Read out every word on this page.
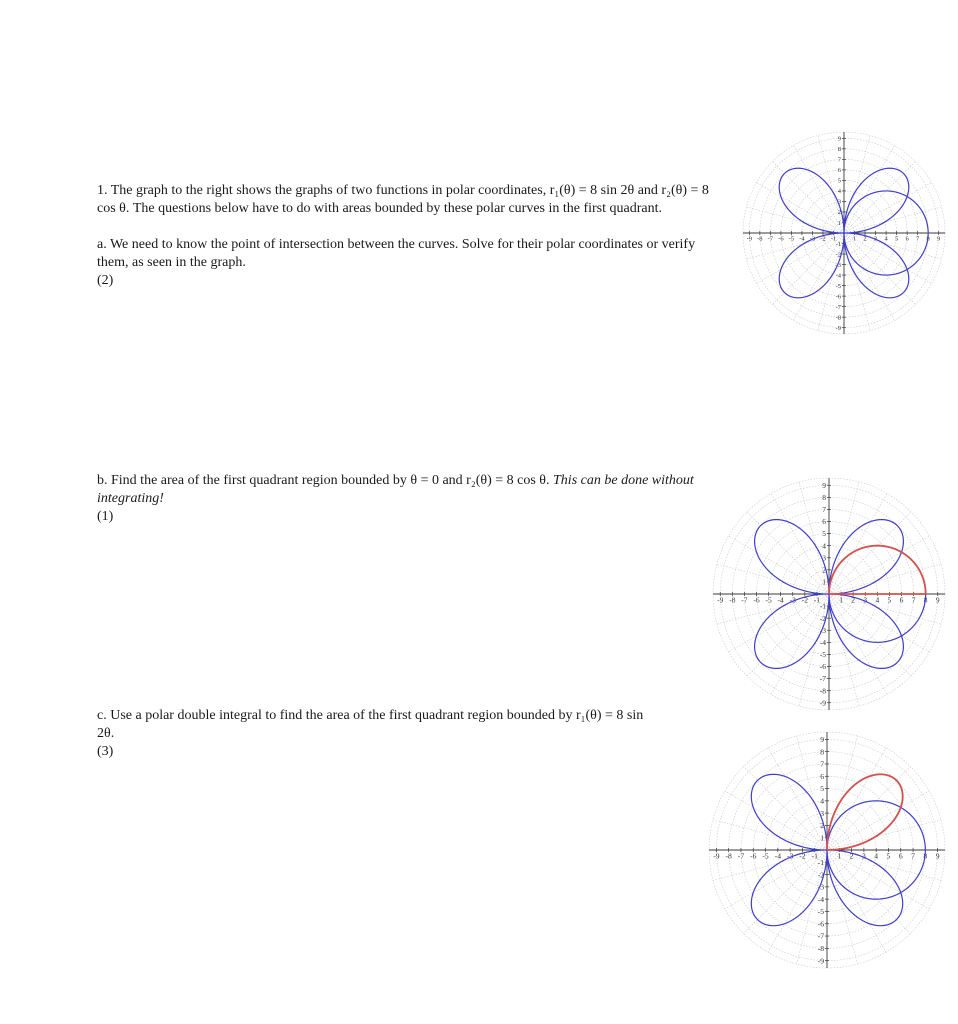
1. The graph to the right shows the graphs of two functions in polar coordinates, r₁(θ) = 8 sin 2θ and r₂(θ) = 8 cos θ. The questions below have to do with areas bounded by these polar curves in the first quadrant.

a. We need to know the point of intersection between the curves. Solve for their polar coordinates or verify them, as seen in the graph.
(2)

b. Find the area of the first quadrant region bounded by θ = 0 and r₂(θ) = 8 cos θ. This can be done without integrating!
(1)

c. Use a polar double integral to find the area of the first quadrant region bounded by r₁(θ) = 8 sin 2θ.
(3)

-9 -8 -7 -6 -5 -4 -3 -2 -1	1 2 3 4 5 6 7 8 9
-9
-8
-7
-6
-5
-4
-3
-2
-1
1
2
3
4
5
6
7
8
9
-9 -8 -7 -6 -5 -4 -3 -2 -1	1 2 3 4 5 6 7 8 9
-9
-8
-7
-6
-5
-4
-3
-2
-1
1
2
3
4
5
6
7
8
9
-9 -8 -7 -6 -5 -4 -3 -2 -1	1 2 3 4 5 6 7 8 9
-9
-8
-7
-6
-5
-4
-3
-2
-1
1
2
3
4
5
6
7
8
9
